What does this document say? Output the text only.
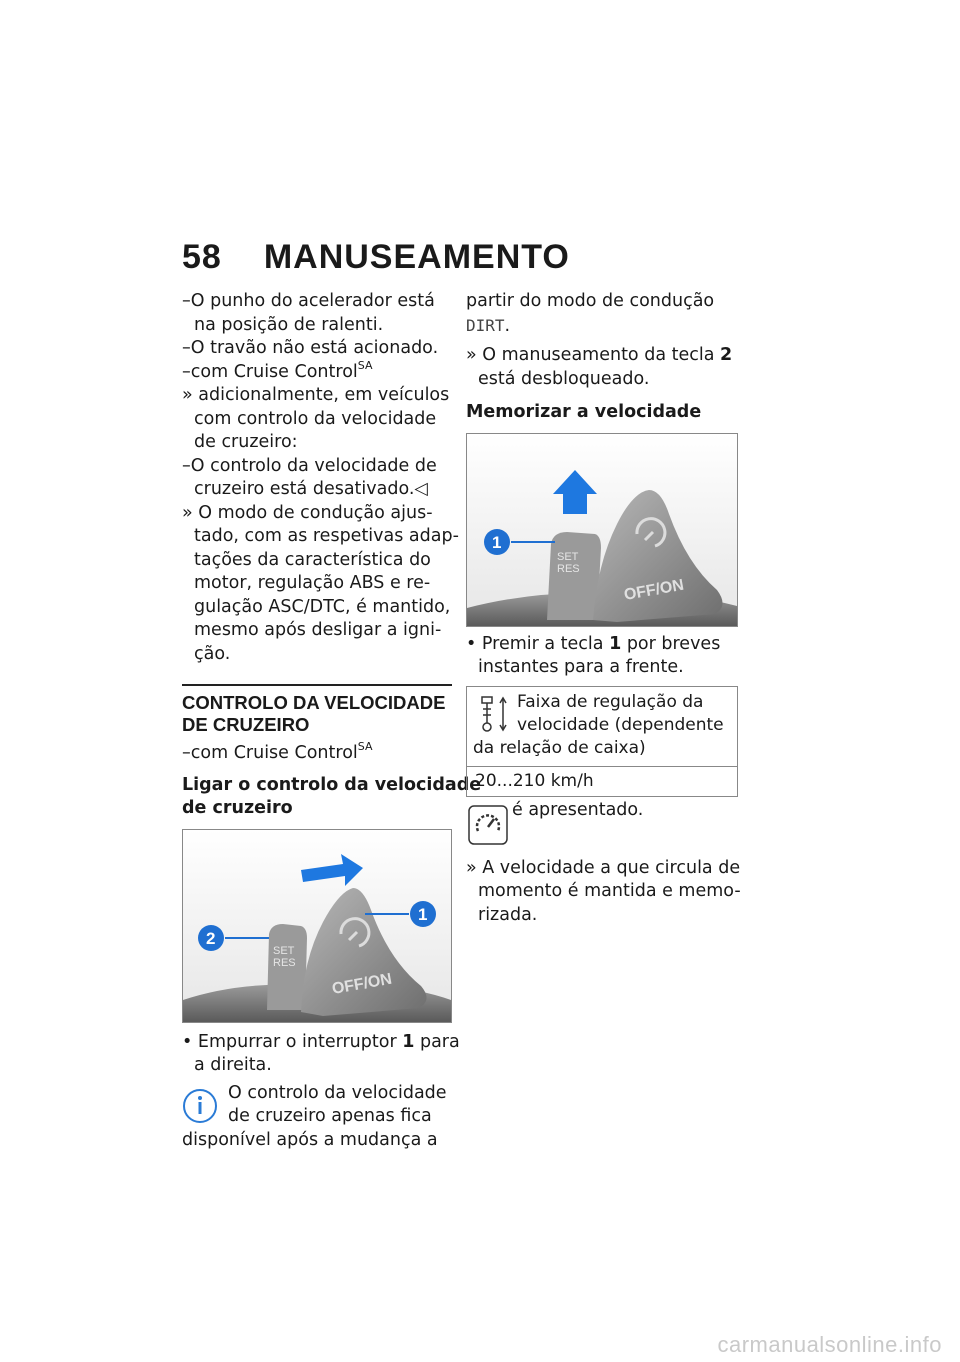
58 MANUSEAMENTO
–O punho do acelerador está
na posição de ralenti.
–O travão não está acionado.
–com Cruise Control$^{SA}$
» adicionalmente, em veículos
com controlo da velocidade
de cruzeiro:
–O controlo da velocidade de
cruzeiro está desativado.◁
» O modo de condução ajus-
tado, com as respetivas adap-
tações da característica do
motor, regulação ABS e re-
gulação ASC/DTC, é mantido,
mesmo após desligar a igni-
ção.
CONTROLO DA VELOCIDADE
DE CRUZEIRO
–com Cruise Control$^{SA}$
Ligar o controlo da velocidade
de cruzeiro
SET
RES
OFF/ON
2
1
• Empurrar o interruptor 1 para
a direita.
O controlo da velocidade
de cruzeiro apenas fica
disponível após a mudança a
partir do modo de condução
DIRT.
» O manuseamento da tecla 2
está desbloqueado.
Memorizar a velocidade
SET
RES
OFF/ON
1
• Premir a tecla 1 por breves
instantes para a frente.
Faixa de regulação da
velocidade (dependente
da relação de caixa)
20...210 km/h
é apresentado.
» A velocidade a que circula de
momento é mantida e memo-
rizada.
carmanualsonline.info
